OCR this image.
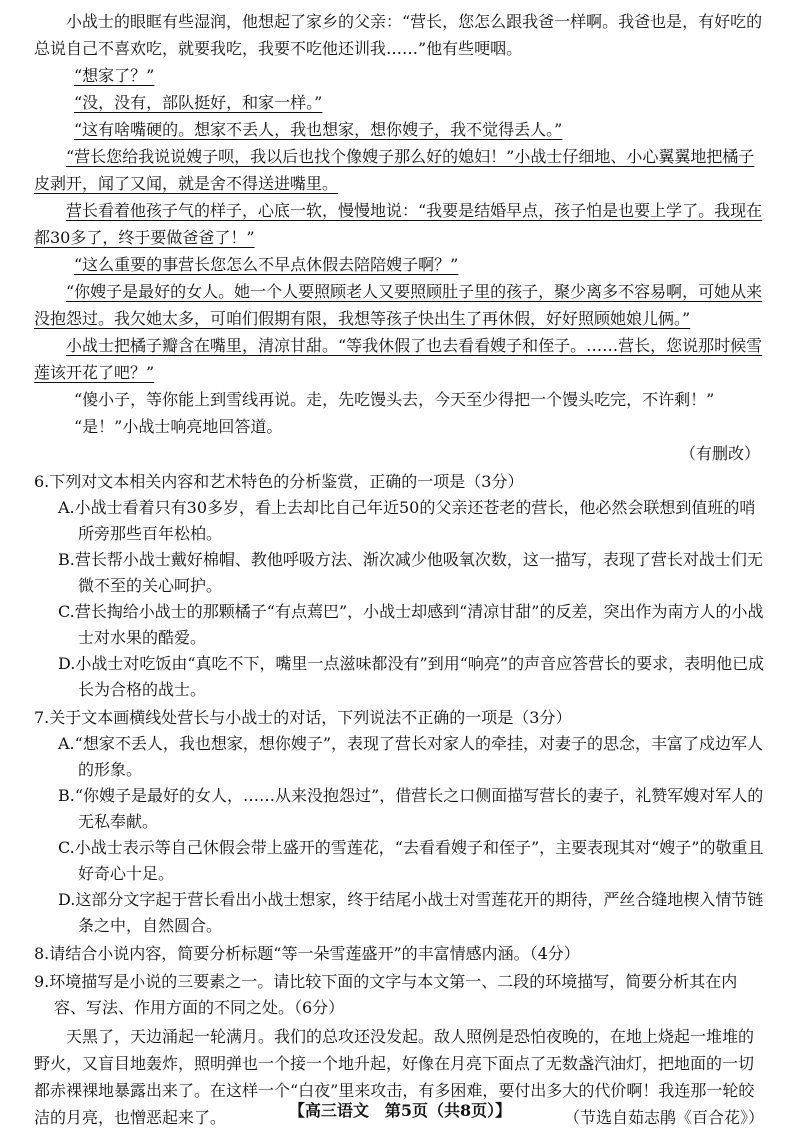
小战士的眼眶有些湿润，他想起了家乡的父亲：“营长，您怎么跟我爸一样啊。我爸也是，有好吃的总说自己不喜欢吃，就要我吃，我要不吃他还训我……”他有些哽咽。

“想家了？”

“没，没有，部队挺好，和家一样。”

“这有啥嘴硬的。想家不丢人，我也想家，想你嫂子，我不觉得丢人。”

“营长您给我说说嫂子呗，我以后也找个像嫂子那么好的媳妇！”小战士仔细地、小心翼翼地把橘子皮剥开，闻了又闻，就是舍不得送进嘴里。

营长看着他孩子气的样子，心底一软，慢慢地说：“我要是结婚早点，孩子怕是也要上学了。我现在都30多了，终于要做爸爸了！”

“这么重要的事营长您怎么不早点休假去陪陪嫂子啊？”

“你嫂子是最好的女人。她一个人要照顾老人又要照顾肚子里的孩子，聚少离多不容易啊，可她从来没抱怨过。我欠她太多，可咱们假期有限，我想等孩子快出生了再休假，好好照顾她娘儿俩。”

小战士把橘子瓣含在嘴里，清凉甘甜。“等我休假了也去看看嫂子和侄子。……营长，您说那时候雪莲该开花了吧？”

“傻小子，等你能上到雪线再说。走，先吃馒头去，今天至少得把一个馒头吃完，不许剩！”

“是！”小战士响亮地回答道。

（有删改）

6.下列对文本相关内容和艺术特色的分析鉴赏，正确的一项是（3分）

A.小战士看着只有30多岁，看上去却比自己年近50的父亲还苍老的营长，他必然会联想到值班的哨所旁那些百年松柏。

B.营长帮小战士戴好棉帽、教他呼吸方法、渐次减少他吸氧次数，这一描写，表现了营长对战士们无微不至的关心呵护。

C.营长掏给小战士的那颗橘子“有点蔫巴”，小战士却感到“清凉甘甜”的反差，突出作为南方人的小战士对水果的酷爱。

D.小战士对吃饭由“真吃不下，嘴里一点滋味都没有”到用“响亮”的声音应答营长的要求，表明他已成长为合格的战士。

7.关于文本画横线处营长与小战士的对话，下列说法不正确的一项是（3分）

A.“想家不丢人，我也想家，想你嫂子”，表现了营长对家人的牵挂，对妻子的思念，丰富了戍边军人的形象。

B.“你嫂子是最好的女人，……从来没抱怨过”，借营长之口侧面描写营长的妻子，礼赞军嫂对军人的无私奉献。

C.小战士表示等自己休假会带上盛开的雪莲花，“去看看嫂子和侄子”，主要表现其对“嫂子”的敬重且好奇心十足。

D.这部分文字起于营长看出小战士想家，终于结尾小战士对雪莲花开的期待，严丝合缝地楔入情节链条之中，自然圆合。

8.请结合小说内容，简要分析标题“等一朵雪莲盛开”的丰富情感内涵。（4分）

9.环境描写是小说的三要素之一。请比较下面的文字与本文第一、二段的环境描写，简要分析其在内容、写法、作用方面的不同之处。（6分）

天黑了，天边涌起一轮满月。我们的总攻还没发起。敌人照例是恐怕夜晚的，在地上烧起一堆堆的野火，又盲目地轰炸，照明弹也一个接一个地升起，好像在月亮下面点了无数盏汽油灯，把地面的一切都赤裸裸地暴露出来了。在这样一个“白夜”里来攻击，有多困难，要付出多大的代价啊！我连那一轮皎洁的月亮，也憎恶起来了。	（节选自茹志鹃《百合花》）

【高三语文　第5页（共8页）】
